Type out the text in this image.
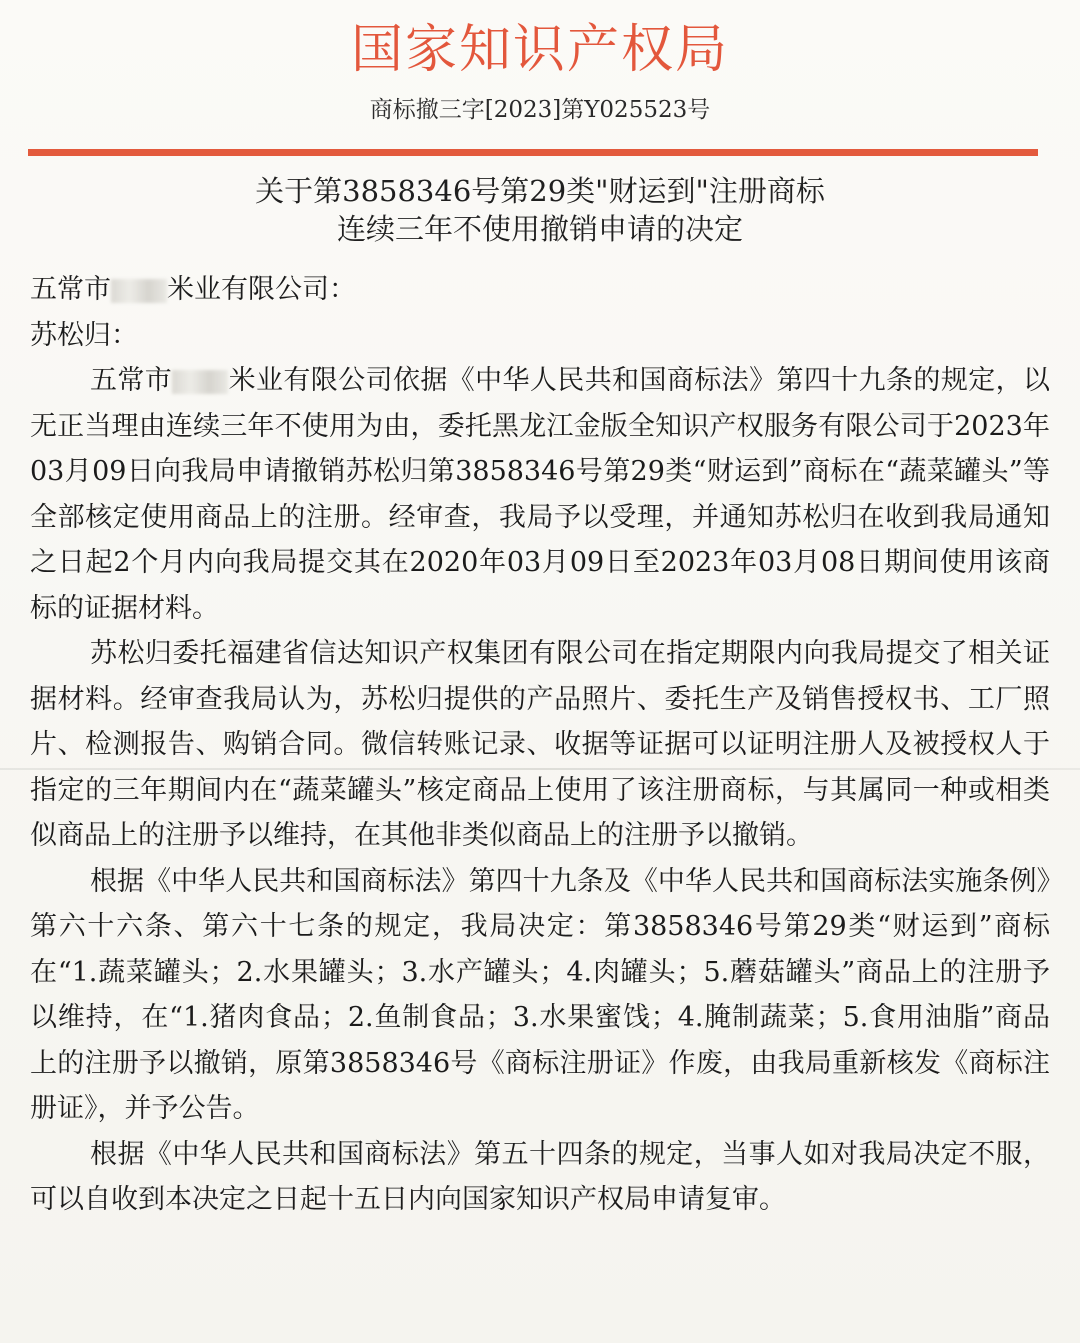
国家知识产权局
商标撤三字[2023]第Y025523号
关于第3858346号第29类"财运到"注册商标
连续三年不使用撤销申请的决定

五常市 米业有限公司：

苏松归：

五常市 米业有限公司依据《中华人民共和国商标法》第四十九条的规定，以无正当理由连续三年不使用为由，委托黑龙江金版全知识产权服务有限公司于2023年03月09日向我局申请撤销苏松归第3858346号第29类“财运到”商标在“蔬菜罐头”等全部核定使用商品上的注册。经审查，我局予以受理，并通知苏松归在收到我局通知之日起2个月内向我局提交其在2020年03月09日至2023年03月08日期间使用该商标的证据材料。

苏松归委托福建省信达知识产权集团有限公司在指定期限内向我局提交了相关证据材料。经审查我局认为，苏松归提供的产品照片、委托生产及销售授权书、工厂照片、检测报告、购销合同。微信转账记录、收据等证据可以证明注册人及被授权人于指定的三年期间内在“蔬菜罐头”核定商品上使用了该注册商标，与其属同一种或相类似商品上的注册予以维持，在其他非类似商品上的注册予以撤销。

根据《中华人民共和国商标法》第四十九条及《中华人民共和国商标法实施条例》第六十六条、第六十七条的规定，我局决定：第3858346号第29类“财运到”商标在“1.蔬菜罐头；2.水果罐头；3.水产罐头；4.肉罐头；5.蘑菇罐头”商品上的注册予以维持，在“1.猪肉食品；2.鱼制食品；3.水果蜜饯；4.腌制蔬菜；5.食用油脂”商品上的注册予以撤销，原第3858346号《商标注册证》作废，由我局重新核发《商标注册证》，并予公告。

根据《中华人民共和国商标法》第五十四条的规定，当事人如对我局决定不服，可以自收到本决定之日起十五日内向国家知识产权局申请复审。
